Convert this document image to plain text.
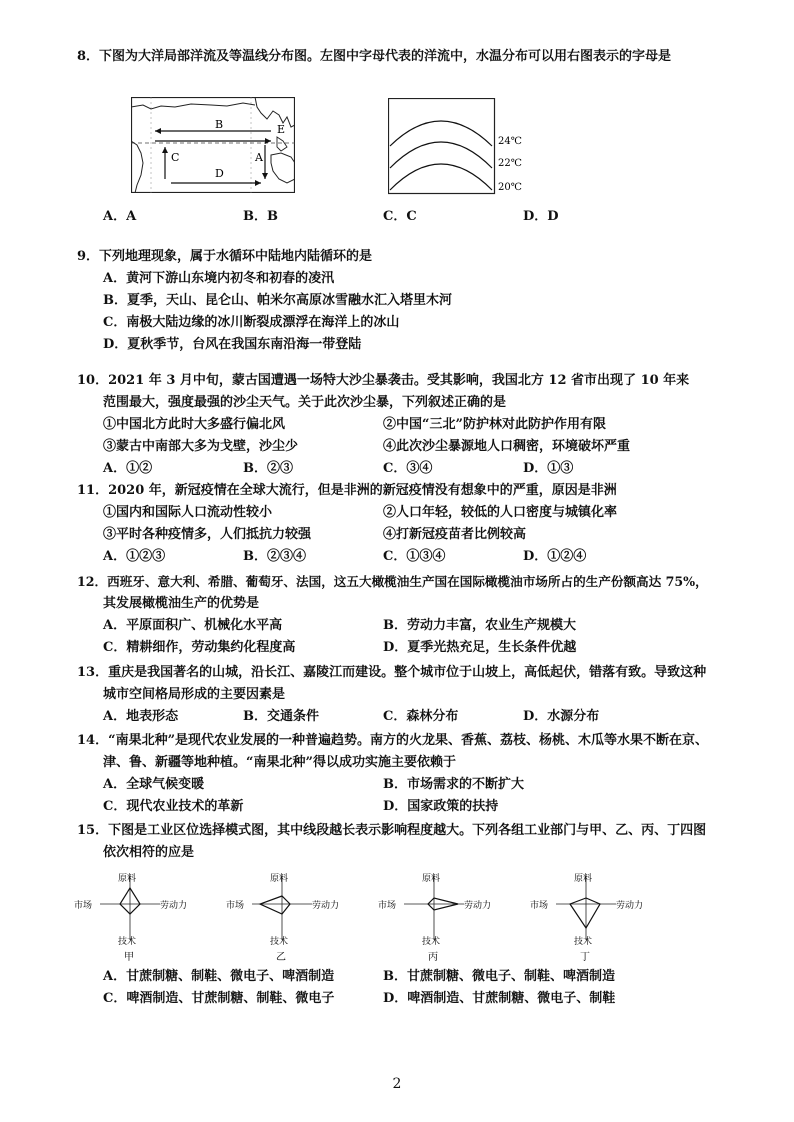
8．下图为大洋局部洋流及等温线分布图。左图中字母代表的洋流中，水温分布可以用右图表示的字母是
B	E
C	A
D
24℃
22℃
20℃
A．A	B．B	C．C	D．D
9．下列地理现象，属于水循环中陆地内陆循环的是
A．黄河下游山东境内初冬和初春的凌汛
B．夏季，天山、昆仑山、帕米尔高原冰雪融水汇入塔里木河
C．南极大陆边缘的冰川断裂成漂浮在海洋上的冰山
D．夏秋季节，台风在我国东南沿海一带登陆
10．2021 年 3 月中旬，蒙古国遭遇一场特大沙尘暴袭击。受其影响，我国北方 12 省市出现了 10 年来
范围最大，强度最强的沙尘天气。关于此次沙尘暴，下列叙述正确的是
①中国北方此时大多盛行偏北风	②中国“三北”防护林对此防护作用有限
③蒙古中南部大多为戈壁，沙尘少	④此次沙尘暴源地人口稠密，环境破坏严重
A．①②	B．②③	C．③④	D．①③
11．2020 年，新冠疫情在全球大流行，但是非洲的新冠疫情没有想象中的严重，原因是非洲
①国内和国际人口流动性较小	②人口年轻，较低的人口密度与城镇化率
③平时各种疫情多，人们抵抗力较强	④打新冠疫苗者比例较高
A．①②③	B．②③④	C．①③④	D．①②④
12．西班牙、意大利、希腊、葡萄牙、法国，这五大橄榄油生产国在国际橄榄油市场所占的生产份额高达 75%，
其发展橄榄油生产的优势是
A．平原面积广、机械化水平高	B．劳动力丰富，农业生产规模大
C．精耕细作，劳动集约化程度高	D．夏季光热充足，生长条件优越
13．重庆是我国著名的山城，沿长江、嘉陵江而建设。整个城市位于山坡上，高低起伏，错落有致。导致这种
城市空间格局形成的主要因素是
A．地表形态	B．交通条件	C．森林分布	D．水源分布
14．“南果北种”是现代农业发展的一种普遍趋势。南方的火龙果、香蕉、荔枝、杨桃、木瓜等水果不断在京、
津、鲁、新疆等地种植。“南果北种”得以成功实施主要依赖于
A．全球气候变暖	B．市场需求的不断扩大
C．现代农业技术的革新	D．国家政策的扶持
15．下图是工业区位选择模式图，其中线段越长表示影响程度越大。下列各组工业部门与甲、乙、丙、丁四图
依次相符的应是
原料
市场	劳动力
技术
甲
原料
市场	劳动力
技术
乙
原料
市场	劳动力
技术
丙
原料
市场	劳动力
技术
丁
A．甘蔗制糖、制鞋、微电子、啤酒制造	B．甘蔗制糖、微电子、制鞋、啤酒制造
C．啤酒制造、甘蔗制糖、制鞋、微电子	D．啤酒制造、甘蔗制糖、微电子、制鞋
2
